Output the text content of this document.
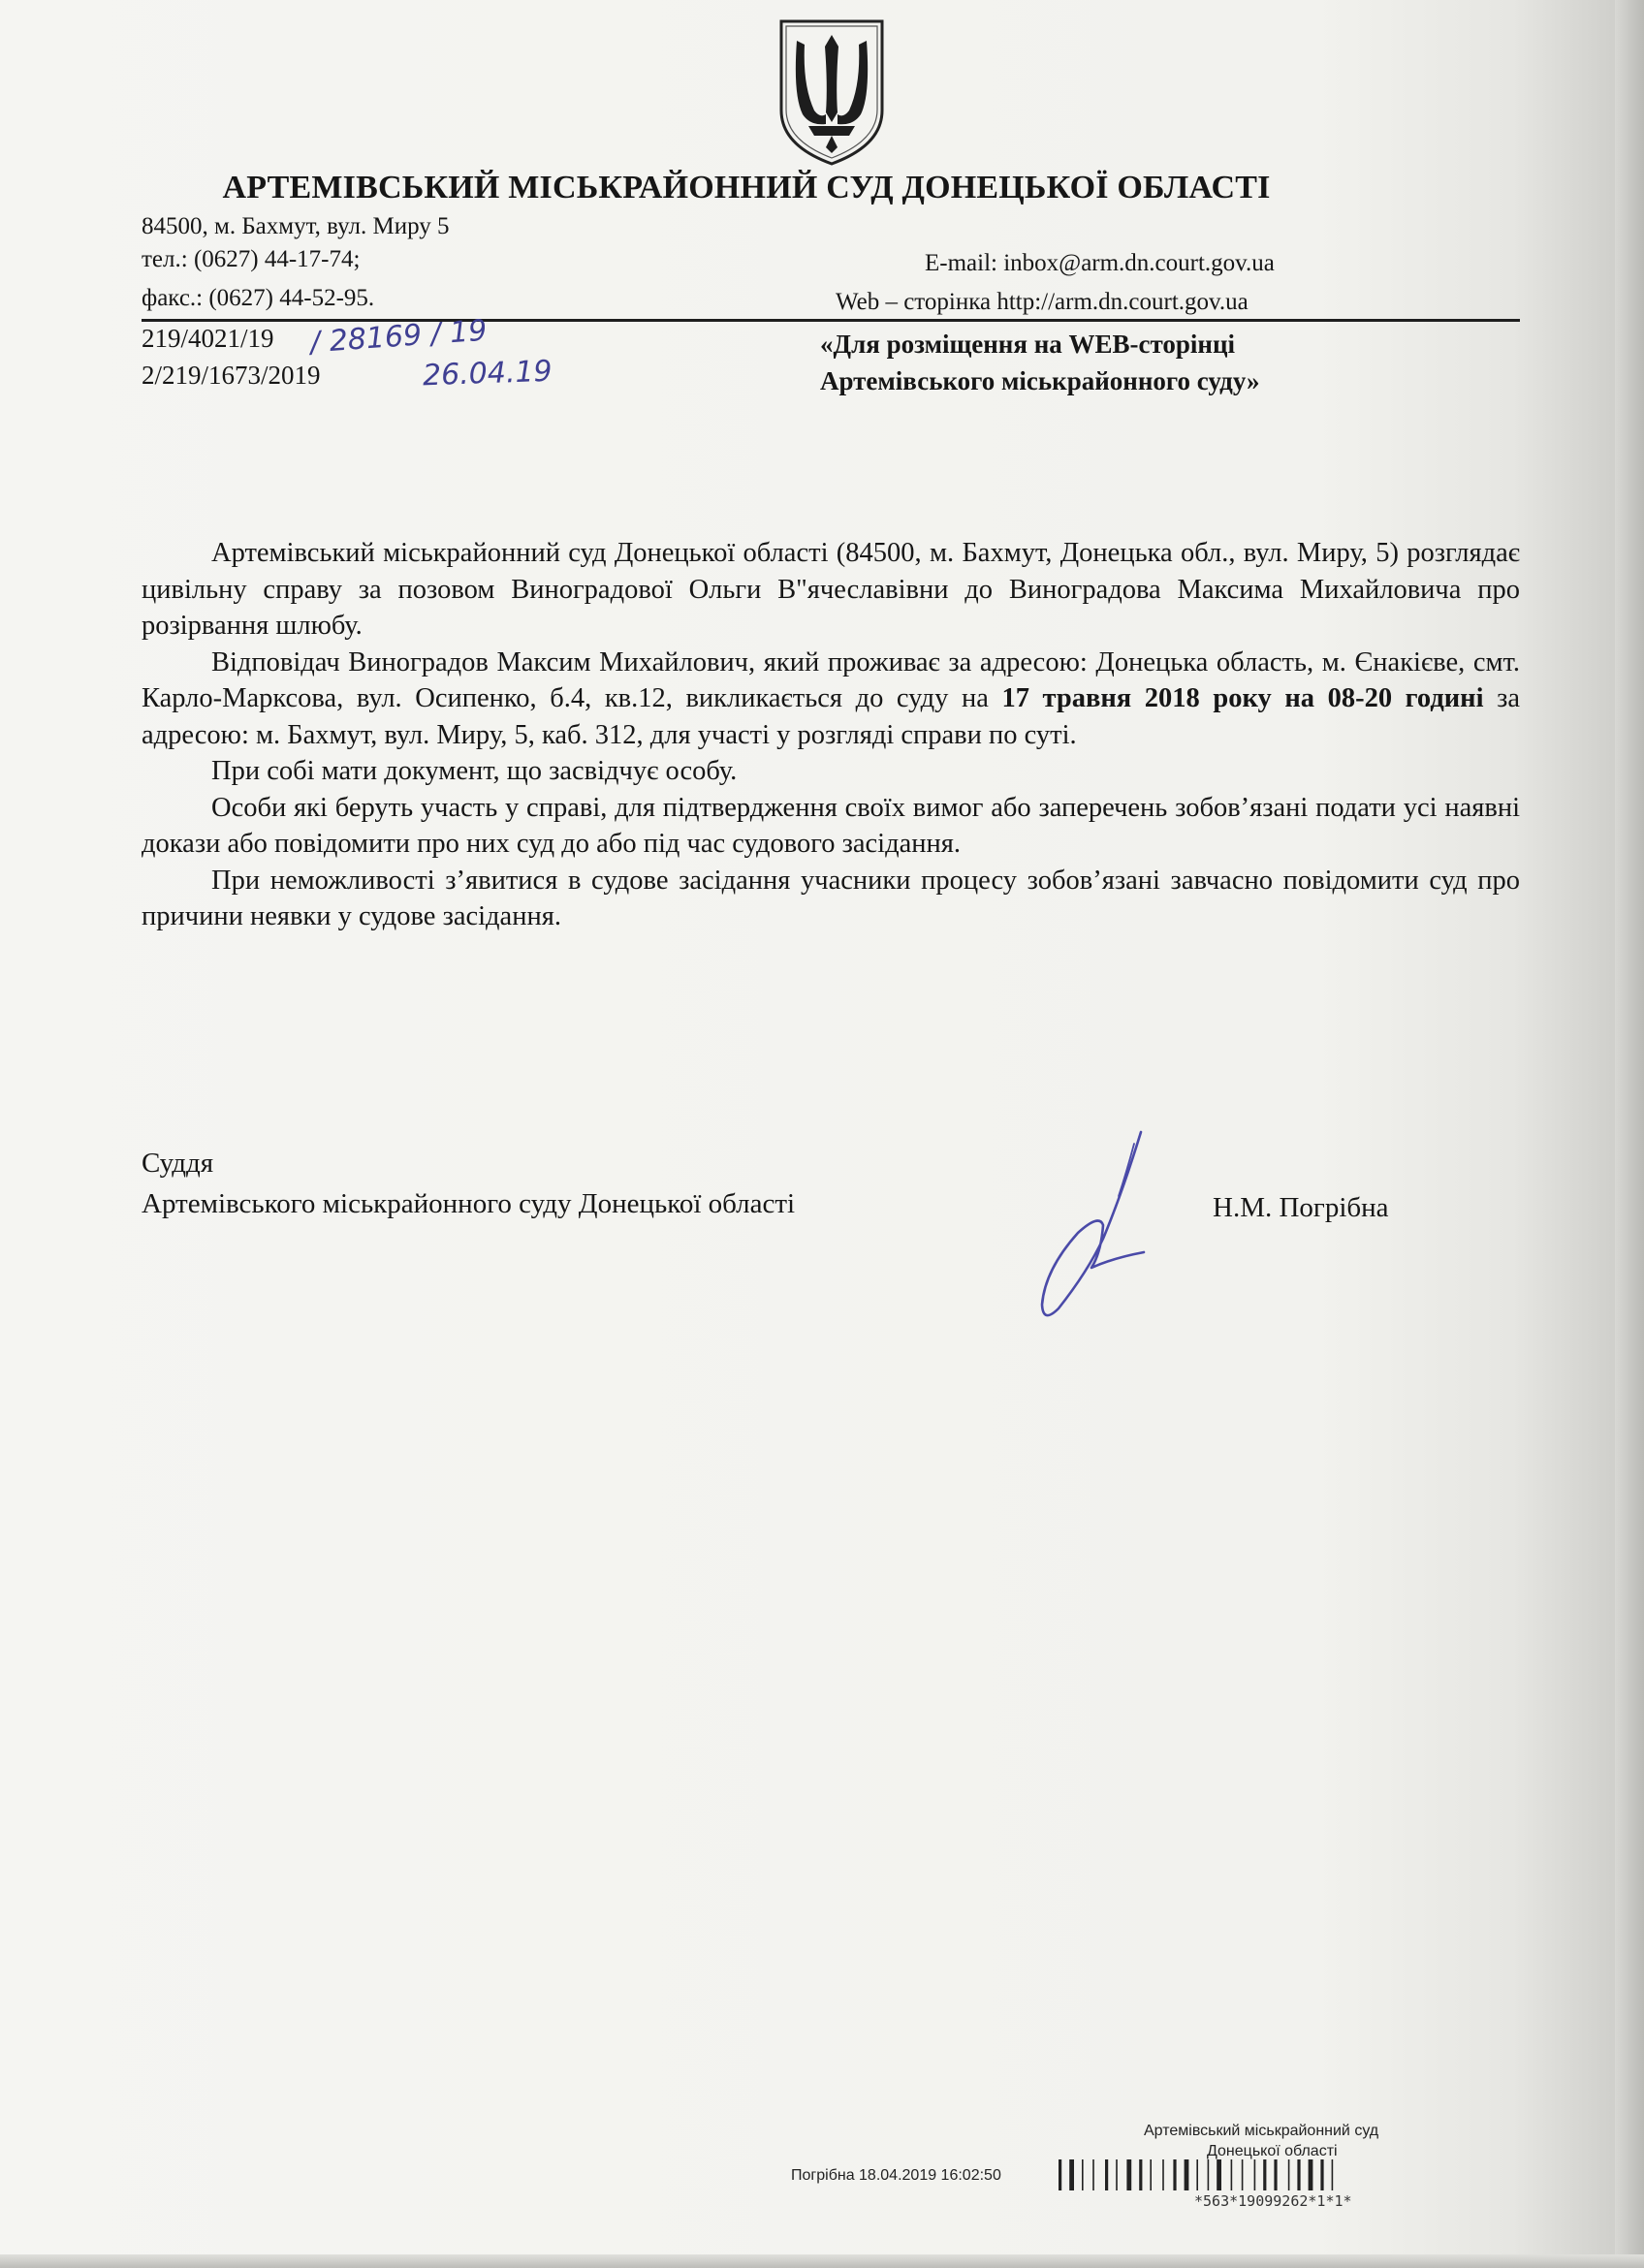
АРТЕМІВСЬКИЙ МІСЬКРАЙОННИЙ СУД ДОНЕЦЬКОЇ ОБЛАСТІ
84500, м. Бахмут, вул. Миру 5
тел.: (0627) 44-17-74;
факс.: (0627) 44-52-95.
E-mail: inbox@arm.dn.court.gov.ua
Web – сторінка http://arm.dn.court.gov.ua
219/4021/19
2/219/1673/2019
/ 28169 / 19
26.04.19
«Для розміщення на WEB-сторінці
Артемівського міськрайонного суду»

Артемівський міськрайонний суд Донецької області (84500, м. Бахмут, Донецька обл., вул. Миру, 5) розглядає цивільну справу за позовом Виноградової Ольги В"ячеславівни до Виноградова Максима Михайловича про розірвання шлюбу.

Відповідач Виноградов Максим Михайлович, який проживає за адресою: Донецька область, м. Єнакієве, смт. Карло-Марксова, вул. Осипенко, б.4, кв.12, викликається до суду на 17 травня 2018 року на 08-20 годині за адресою: м. Бахмут, вул. Миру, 5, каб. 312, для участі у розгляді справи по суті.

При собі мати документ, що засвідчує особу.

Особи які беруть участь у справі, для підтвердження своїх вимог або заперечень зобов’язані подати усі наявні докази або повідомити про них суд до або під час судового засідання.

При неможливості з’явитися в судове засідання учасники процесу зобов’язані завчасно повідомити суд про причини неявки у судове засідання.

Суддя
Артемівського міськрайонного суду Донецької області	Н.М. Погрібна
Артемівський міськрайонний суд
Донецької області
Погрібна 18.04.2019 16:02:50
*563*19099262*1*1*
